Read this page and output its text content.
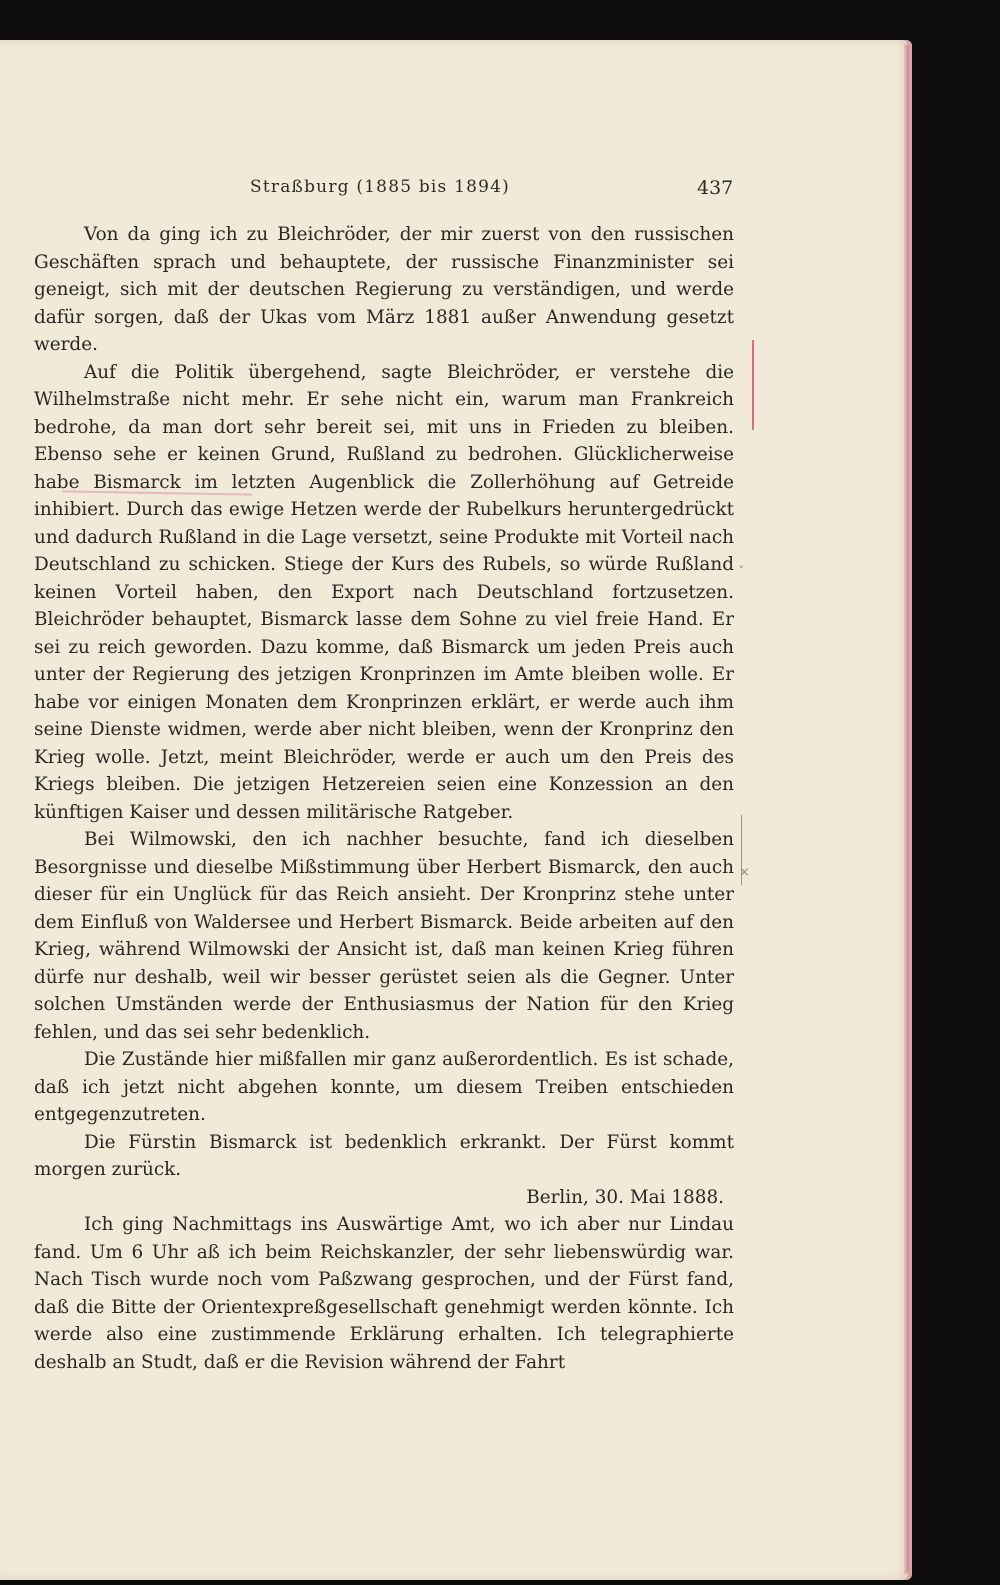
Straßburg (1885 bis 1894)	437
ˇ
×

Von da ging ich zu Bleichröder, der mir zuerst von den russischen Geschäften sprach und behauptete, der russische Finanzminister sei geneigt, sich mit der deutschen Regierung zu verständigen, und werde dafür sorgen, daß der Ukas vom März 1881 außer Anwendung gesetzt werde.

Auf die Politik übergehend, sagte Bleichröder, er verstehe die Wilhelmstraße nicht mehr. Er sehe nicht ein, warum man Frankreich bedrohe, da man dort sehr bereit sei, mit uns in Frieden zu bleiben. Ebenso sehe er keinen Grund, Rußland zu bedrohen. Glücklicherweise habe Bismarck im letzten Augenblick die Zollerhöhung auf Getreide inhibiert. Durch das ewige Hetzen werde der Rubelkurs heruntergedrückt und dadurch Rußland in die Lage versetzt, seine Produkte mit Vorteil nach Deutschland zu schicken. Stiege der Kurs des Rubels, so würde Rußland keinen Vorteil haben, den Export nach Deutschland fortzusetzen. Bleichröder behauptet, Bismarck lasse dem Sohne zu viel freie Hand. Er sei zu reich geworden. Dazu komme, daß Bismarck um jeden Preis auch unter der Regierung des jetzigen Kronprinzen im Amte bleiben wolle. Er habe vor einigen Monaten dem Kronprinzen erklärt, er werde auch ihm seine Dienste widmen, werde aber nicht bleiben, wenn der Kronprinz den Krieg wolle. Jetzt, meint Bleichröder, werde er auch um den Preis des Kriegs bleiben. Die jetzigen Hetzereien seien eine Konzession an den künftigen Kaiser und dessen militärische Ratgeber.

Bei Wilmowski, den ich nachher besuchte, fand ich dieselben Besorgnisse und dieselbe Mißstimmung über Herbert Bismarck, den auch dieser für ein Unglück für das Reich ansieht. Der Kronprinz stehe unter dem Einfluß von Waldersee und Herbert Bismarck. Beide arbeiten auf den Krieg, während Wilmowski der Ansicht ist, daß man keinen Krieg führen dürfe nur deshalb, weil wir besser gerüstet seien als die Gegner. Unter solchen Umständen werde der Enthusiasmus der Nation für den Krieg fehlen, und das sei sehr bedenklich.

Die Zustände hier mißfallen mir ganz außerordentlich. Es ist schade, daß ich jetzt nicht abgehen konnte, um diesem Treiben entschieden entgegenzutreten.

Die Fürstin Bismarck ist bedenklich erkrankt. Der Fürst kommt morgen zurück.

Berlin, 30. Mai 1888.

Ich ging Nachmittags ins Auswärtige Amt, wo ich aber nur Lindau fand. Um 6 Uhr aß ich beim Reichskanzler, der sehr liebenswürdig war. Nach Tisch wurde noch vom Paßzwang gesprochen, und der Fürst fand, daß die Bitte der Orientexpreßgesellschaft genehmigt werden könnte. Ich werde also eine zustimmende Erklärung erhalten. Ich telegraphierte deshalb an Studt, daß er die Revision während der Fahrt
